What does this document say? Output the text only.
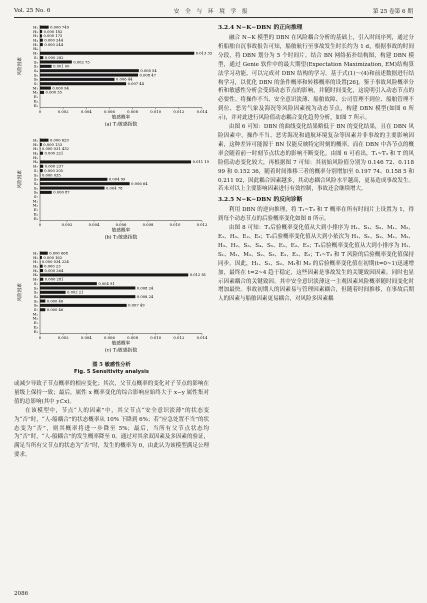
Vol. 25 No. 6	安 全 与 环 境 学 报	第 25 卷第 6 期
风险因素
H₁	0.000 749
H₂ 0.000 182
H₃ 0.000 173
H₄ 0.000 244
H₅ 0.000 244
H₆
H₇	0.013 33
S₁ 0.000 282
S₂	0.002 75
S₃	0.001 00
S₄	0.008 54
S₅	0.008 47
S₆	0.006 44
S₇	0.007 44
M₁	0.000 94
M₂ 0.000 35
E₁
E₂
E₃
0	0.002	0.004	0.006	0.008	0.010	0.012	0.014
敏感概率
(a) T₁敏感指数
风险因素
H₁	0.000 629
H₂ 0.000 133
H₃ 0.000 031 432
H₄ 0.000 221
H₅
H₆	0.011 19
H₇ 0.000 237
S₁ 0.000 205
S₂ 0.000 035
S₃	0.004 99
S₄	0.006 64
S₅	0.004 78
S₆	0.000 87
S₇
M₁
M₂
E₁
E₂
E₃
0	0.002	0.004	0.006	0.008	0.010	0.012
敏感概率
(b) T₂敏感指数
风险因素
H₁	0.000 668
H₂ 0.000 162
H₃ 0.000 034 224
H₄ 0.000 23
H₅ 0.000 264
H₆	0.012 81
H₇ 0.000 281
S₁	0.004 91
S₂	0.008 24
S₃	0.002 21
S₄	0.008 24
S₅ 0.000 46
S₆	0.007 49
S₇ 0.000 46
M₁
M₂
E₁
E₂
E₃
0	0.002	0.004	0.006	0.008	0.010	0.012	0.014
敏感概率
(c) T₃敏感指数
图 5 敏感性分析
Fig. 5 Sensitivity analysis

或减少导致子节点概率的相应变化；其次，父节点概率的变化对子节点的影响在量级上保持一致；最后，属性 x 概率变化的综合影响应始终大于 x−y 属性集对值的总影响(其中 y⊂x)。

在该模型中，节点“人的因素”中，其父节点“安全意识淡薄”的状态变为“否”时，“人-船耦合”的状态概率从 10% 下降到 6%；若“应急处置不当”的状态变为“否”，则其概率将进一步降至 5%；最后，当所有父节点状态均为“否”时，“人-船耦合”的发生概率降至 0。通过对其余双因素及多因素的验证，满足当所有父节点的状态为“否”时，发生的概率为 0，由此认为该模型满足公理要求。

3.2.4 N−K−DBN 的正向推理

融合 N−K 模型的 DBN 在风险耦合分析的基础上，引入时间序列，通过分析船舶自沉事故报告可知，船舶航行至事故发生时长约为 1 d，根据事故的时间分段，将 DBN 划分为 5 个时间片。结合 BN 网络拓扑结构图，构建 DBN 模型，通过 Genie 软件中的最大期望(Expectation Maximization, EM)结构算法学习功能，可以完成对 DBN 结构的学习。基于式(1)～(4)和前述数据进行结构学习，以优化 DBN 的条件概率和转移概率的设置[26]。鉴于事故风险概率分析和敏感性分析会受到动态节点的影响，并随时间变化，这说明引入动态节点的必要性。将操作不当、安全意识淡薄、船舶故障、公司管理不到位、船舶管理不到位、恶劣气象及海况等风险因素视为动态节点，构建 DBN 模型(如图 6 所示)，并对此进行风险值动态耦合变化趋势分析，如图 7 所示。

由图 6 可知：DBN 的曲线变化结果略低于 BN 的变化结果，且在 DBN 风险因素中，操作不当、恶劣海况和通航环境复杂等因素并非事故的主要影响因素，这种差异可能源于 BN 仅能反映特定时刻的概率，而在 DBN 中各节点的概率会随着前一时刻节点状态的影响不断变化。由图 6 可看出，T₁~T₃ 和 T 的风险值动态变化较大，再根据图 7 可知：其初始风险值分别为 0.146 72、0.118 99 和 0.152 36，随着时间推移三者的概率分别增加至 0.197 74、0.158 5 和 0.211 92，因此耦合因素越多，其动态耦合风险水平越高，更易造成事故发生。若未对以上主要影响因素进行有效控制，事故还会继续增大。

3.2.5 N−K−DBN 的反向诊断

利用 DBN 的逆向推理，将 T₁~T₃ 和 T 概率在所有时间片上设置为 1，得到每个动态节点的后验概率变化如图 8 所示。

由图 8 可知：T₁后验概率变化值从大到小排序为 H₁、S₁、S₂、M₁、M₂、E₁、H₃、E₂、E₃；T₂后验概率变化值从大到小依次为 H₁、S₁、S₂、M₁、M₂、H₃、H₂、S₃、S₄、S₅、E₁、E₂、E₃；T₃后验概率变化值从大到小排序为 H₁、S₁、M₁、M₂、S₂、S₃、E₂、E₁、E₃；T₁~T₃ 和 T 风险的后验概率变化值保持同步。因此，H₁、S₁、S₂、M₁和 M₂ 的后验概率变化值在初期(t=0~1)迅速增加，最终在 t=2~4 趋于稳定，这些因素是事故发生的关键致因因素。同时也显示因素耦合的关键致因。其中安全意识淡薄这一主观因素风险概率随时间变化时增加最快。事故初期人的因素易与管理因素耦合，但随着时间推移，在事故后期人的因素与船舶因素更易耦合，对风险多因素耦

2086
